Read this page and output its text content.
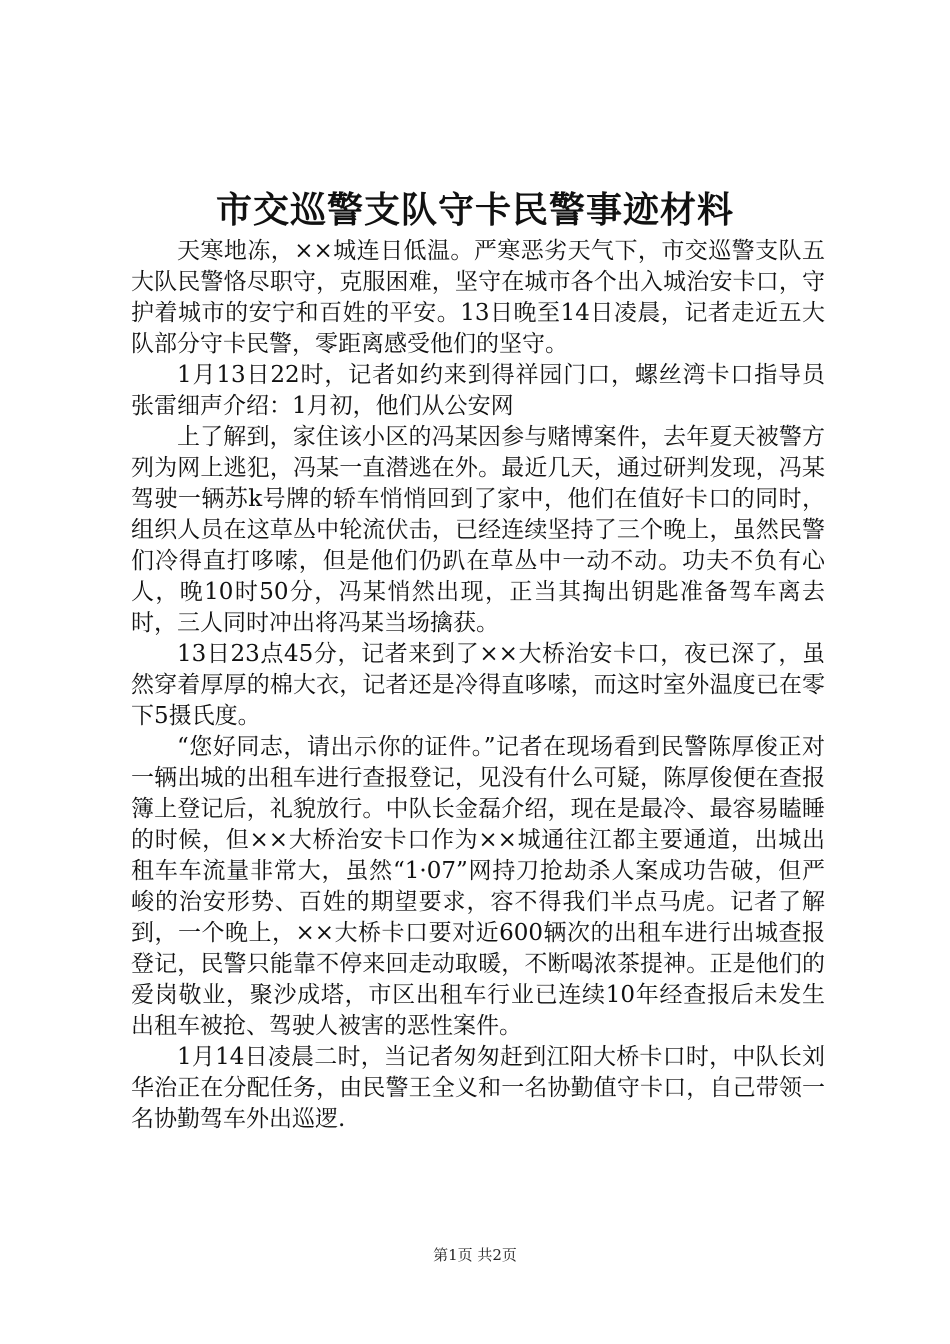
市交巡警支队守卡民警事迹材料

天寒地冻，××城连日低温。严寒恶劣天气下，市交巡警支队五大队民警恪尽职守，克服困难，坚守在城市各个出入城治安卡口，守护着城市的安宁和百姓的平安。13日晚至14日凌晨，记者走近五大队部分守卡民警，零距离感受他们的坚守。

1月13日22时，记者如约来到得祥园门口，螺丝湾卡口指导员张雷细声介绍：1月初，他们从公安网

上了解到，家住该小区的冯某因参与赌博案件，去年夏天被警方列为网上逃犯，冯某一直潜逃在外。最近几天，通过研判发现，冯某驾驶一辆苏k号牌的轿车悄悄回到了家中，他们在值好卡口的同时，组织人员在这草丛中轮流伏击，已经连续坚持了三个晚上，虽然民警们冷得直打哆嗦，但是他们仍趴在草丛中一动不动。功夫不负有心人，晚10时50分，冯某悄然出现，正当其掏出钥匙准备驾车离去时，三人同时冲出将冯某当场擒获。

13日23点45分，记者来到了××大桥治安卡口，夜已深了，虽然穿着厚厚的棉大衣，记者还是冷得直哆嗦，而这时室外温度已在零下5摄氏度。

“您好同志，请出示你的证件。”记者在现场看到民警陈厚俊正对一辆出城的出租车进行查报登记，见没有什么可疑，陈厚俊便在查报簿上登记后，礼貌放行。中队长金磊介绍，现在是最冷、最容易瞌睡的时候，但××大桥治安卡口作为××城通往江都主要通道，出城出租车车流量非常大，虽然“1·07”网持刀抢劫杀人案成功告破，但严峻的治安形势、百姓的期望要求，容不得我们半点马虎。记者了解到，一个晚上，××大桥卡口要对近600辆次的出租车进行出城查报登记，民警只能靠不停来回走动取暖，不断喝浓茶提神。正是他们的爱岗敬业，聚沙成塔，市区出租车行业已连续10年经查报后未发生出租车被抢、驾驶人被害的恶性案件。

1月14日凌晨二时，当记者匆匆赶到江阳大桥卡口时，中队长刘华治正在分配任务，由民警王全义和一名协勤值守卡口，自己带领一名协勤驾车外出巡逻.

第1页 共2页
